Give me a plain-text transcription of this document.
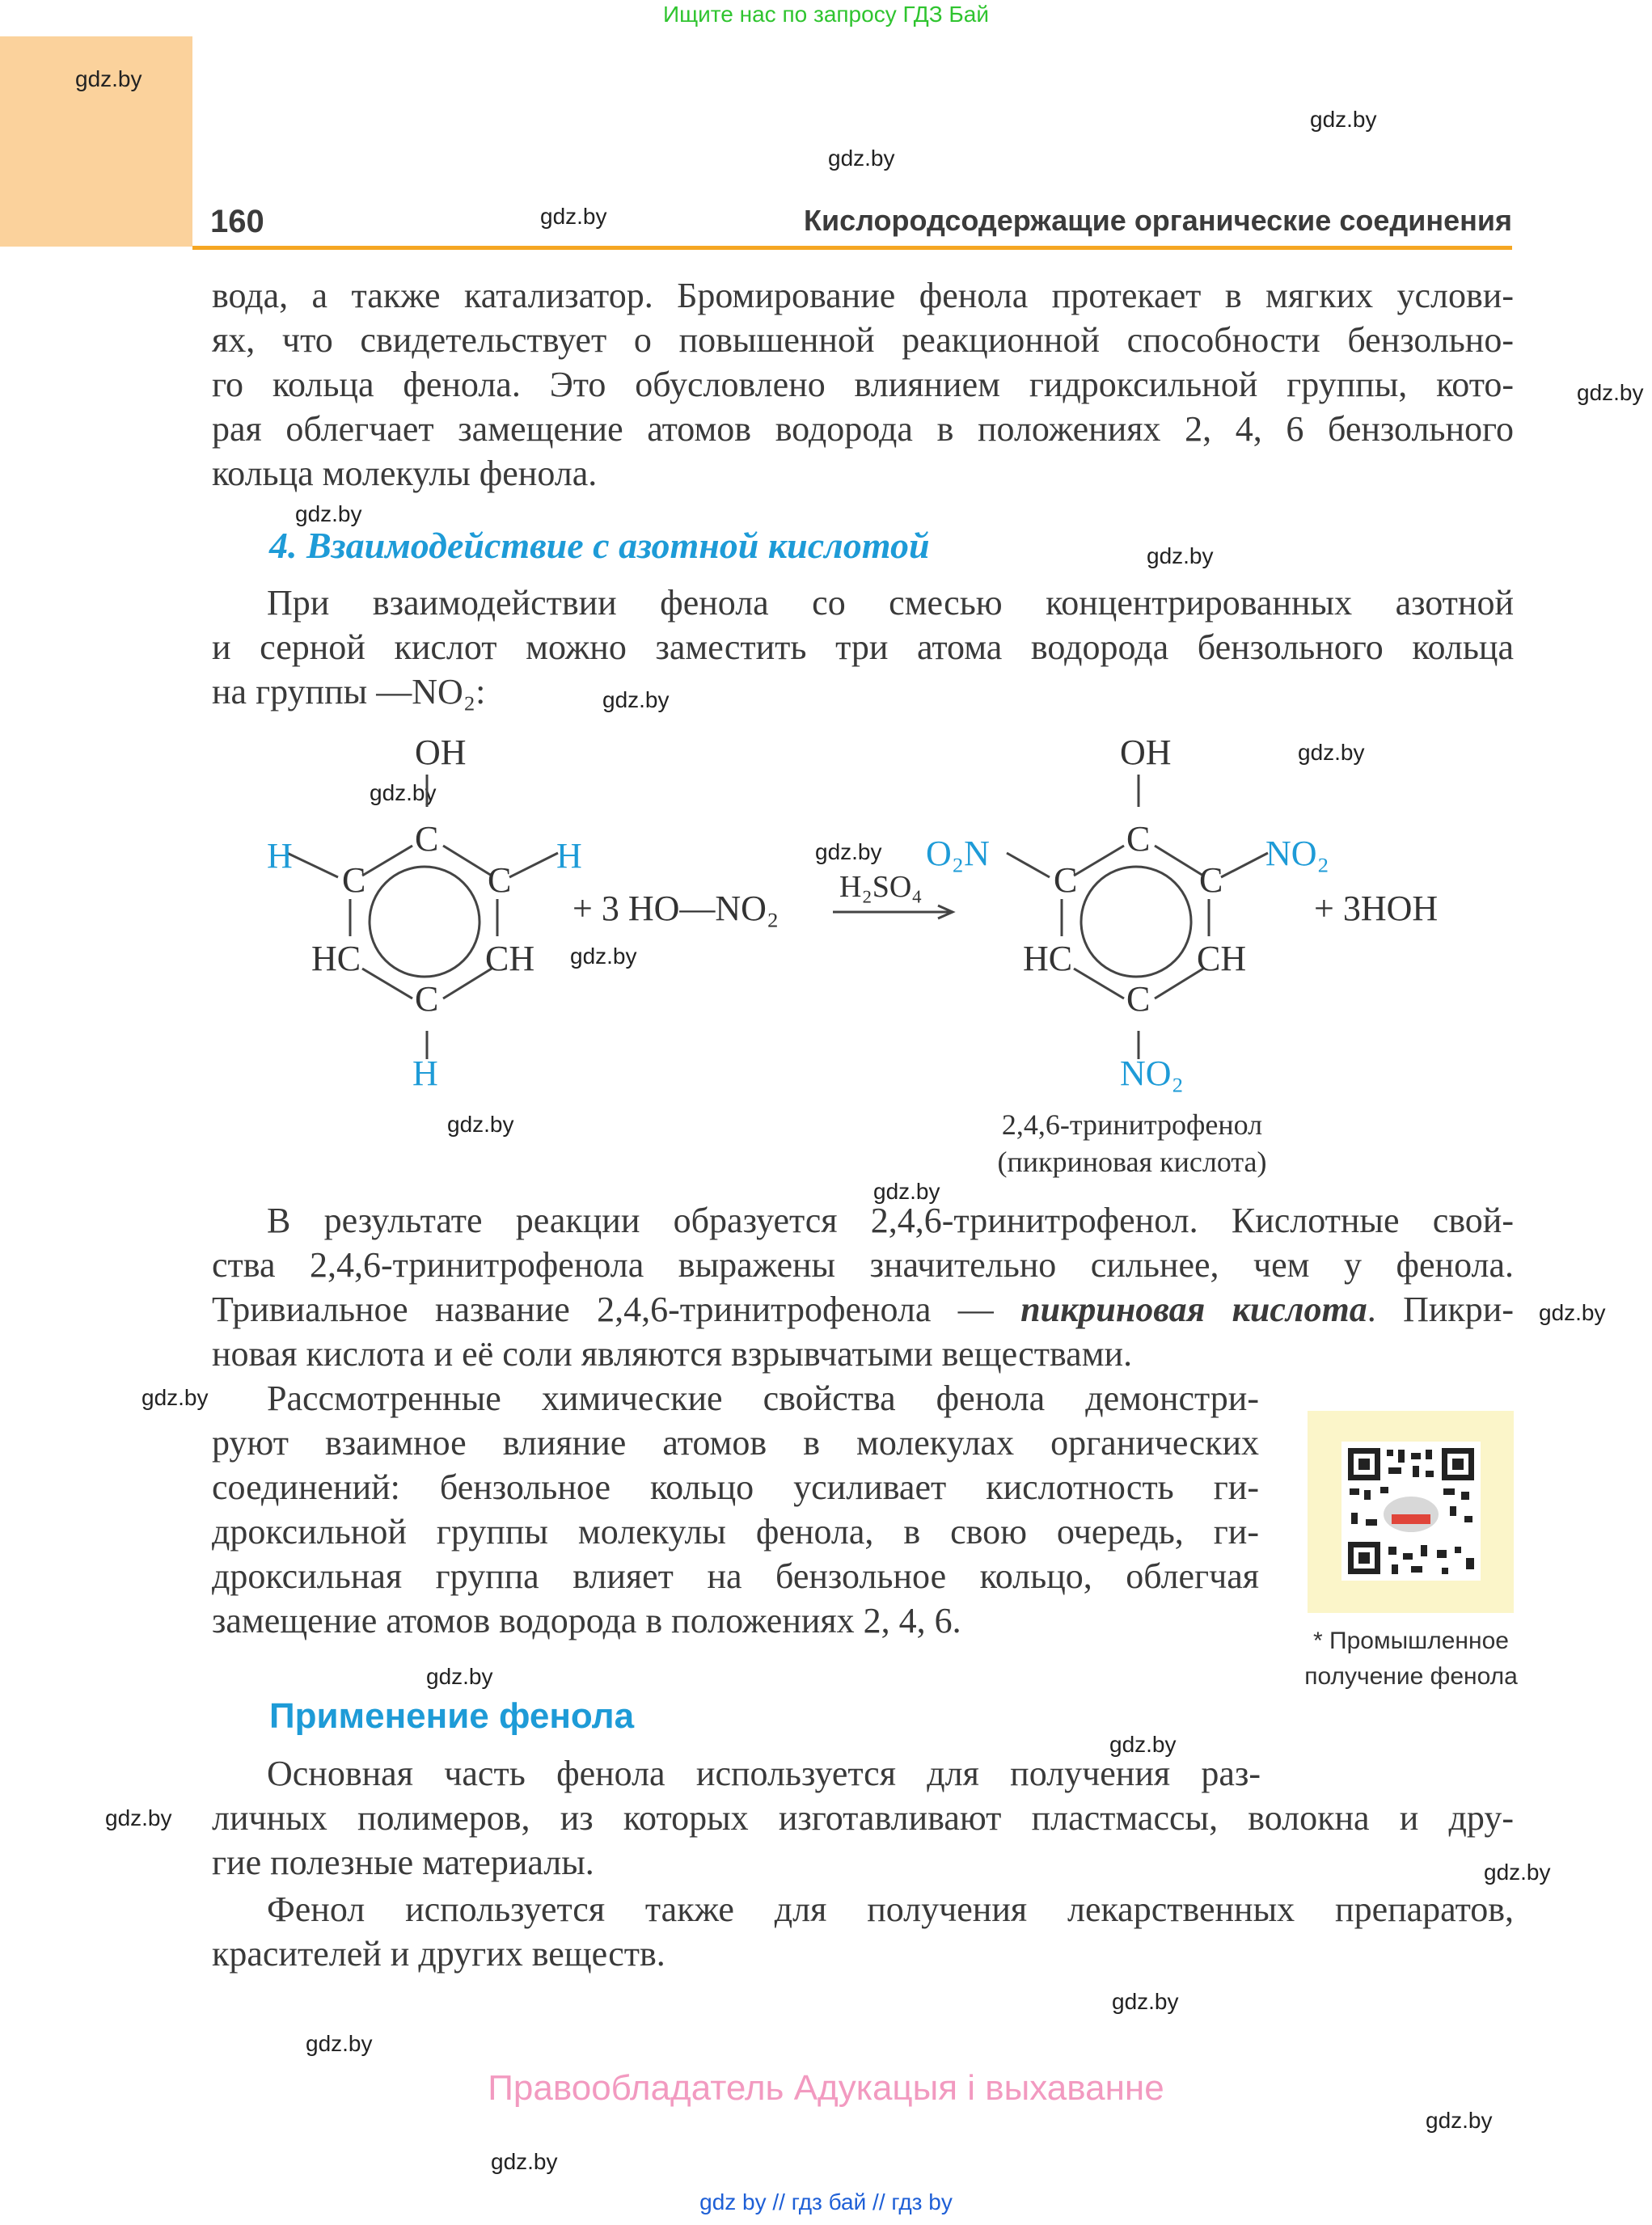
Ищите нас по запросу ГДЗ Бай
gdz.by
gdz.by
gdz.by
gdz.by
gdz.by
gdz.by
gdz.by
gdz.by
gdz.by
gdz.by
gdz.by
gdz.by
gdz.by
gdz.by
gdz.by
gdz.by
gdz.by
gdz.by
gdz.by
gdz.by
gdz.by
gdz.by
gdz.by
gdz.by
160	Кислородсодержащие органические соединения
вода, а также катализатор. Бромирование фенола протекает в мягких услови-
ях, что свидетельствует о повышенной реакционной способности бензольно-
го кольца фенола. Это обусловлено влиянием гидроксильной группы, кото-
рая облегчает замещение атомов водорода в положениях 2, 4, 6 бензольного
кольца молекулы фенола.
4. Взаимодействие с азотной кислотой
При взаимодействии фенола со смесью концентрированных азотной
и серной кислот можно заместить три атома водорода бензольного кольца
на группы —NO₂:
OH
C
H
C	C
H
HC	CH
C
H
+ 3 HO—NO₂
H₂SO₄
OH
C
O₂N
C	C
NO₂
HC	CH
C
NO₂
+ 3HOH
2,4,6-тринитрофенол
(пикриновая кислота)
В результате реакции образуется 2,4,6-тринитрофенол. Кислотные свой-
ства 2,4,6-тринитрофенола выражены значительно сильнее, чем у фенола.
Тривиальное название 2,4,6-тринитрофенола — пикриновая кислота. Пикри-
новая кислота и её соли являются взрывчатыми веществами.
Рассмотренные химические свойства фенола демонстри-
руют взаимное влияние атомов в молекулах органических
соединений: бензольное кольцо усиливает кислотность ги-
дроксильной группы молекулы фенола, в свою очередь, ги-
дроксильная группа влияет на бензольное кольцо, облегчая
замещение атомов водорода в положениях 2, 4, 6.
* Промышленное
получение фенола
Применение фенола
Основная часть фенола используется для получения раз-
личных полимеров, из которых изготавливают пластмассы, волокна и дру-
гие полезные материалы.
Фенол используется также для получения лекарственных препаратов,
красителей и других веществ.
Правообладатель Адукацыя і выхаванне
gdz by // гдз бай // гдз by
